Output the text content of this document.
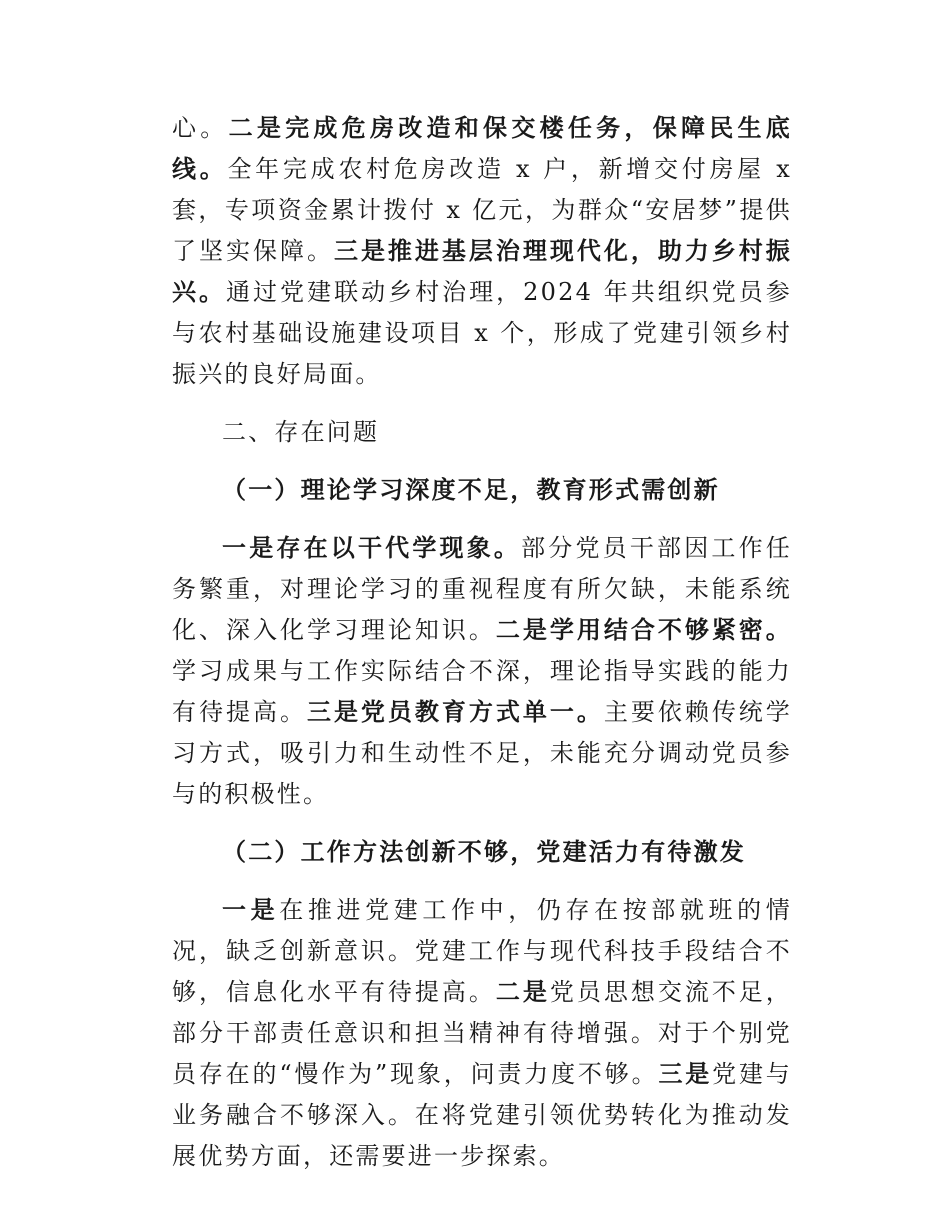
心。二是完成危房改造和保交楼任务，保障民生底线。全年完成农村危房改造 x 户，新增交付房屋 x 套，专项资金累计拨付 x 亿元，为群众“安居梦”提供了坚实保障。三是推进基层治理现代化，助力乡村振兴。通过党建联动乡村治理，2024 年共组织党员参与农村基础设施建设项目 x 个，形成了党建引领乡村振兴的良好局面。

二、存在问题

（一）理论学习深度不足，教育形式需创新

一是存在以干代学现象。部分党员干部因工作任务繁重，对理论学习的重视程度有所欠缺，未能系统化、深入化学习理论知识。二是学用结合不够紧密。学习成果与工作实际结合不深，理论指导实践的能力有待提高。三是党员教育方式单一。主要依赖传统学习方式，吸引力和生动性不足，未能充分调动党员参与的积极性。

（二）工作方法创新不够，党建活力有待激发

一是在推进党建工作中，仍存在按部就班的情况，缺乏创新意识。党建工作与现代科技手段结合不够，信息化水平有待提高。二是党员思想交流不足，部分干部责任意识和担当精神有待增强。对于个别党员存在的“慢作为”现象，问责力度不够。三是党建与业务融合不够深入。在将党建引领优势转化为推动发展优势方面，还需要进一步探索。
